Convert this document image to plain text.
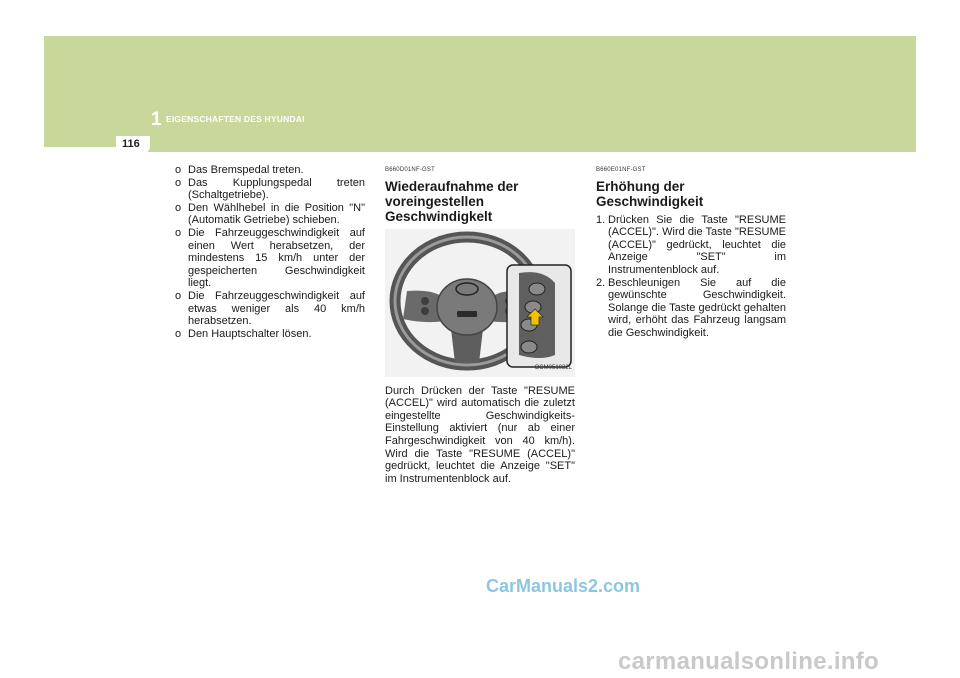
116
1 EIGENSCHAFTEN DES HYUNDAI
o Das Bremspedal treten.
o Das Kupplungspedal treten (Schaltgetriebe).
o Den Wählhebel in die Position "N" (Automatik Getriebe) schieben.
o Die Fahrzeuggeschwindigkeit auf einen Wert herabsetzen, der mindestens 15 km/h unter der gespeicherten Geschwindigkeit liegt.
o Die Fahrzeuggeschwindigkeit auf etwas weniger als 40 km/h herabsetzen.
o Den Hauptschalter lösen.
B660D01NF-GST
Wiederaufnahme der voreingestellen Geschwindigkelt
OCM051032L
Durch Drücken der Taste "RESUME (ACCEL)" wird automatisch die zuletzt eingestellte Geschwindigkeits-Einstellung aktiviert (nur ab einer Fahrgeschwindigkeit von 40 km/h). Wird die Taste "RESUME (ACCEL)" gedrückt, leuchtet die Anzeige "SET" im Instrumentenblock auf.
B660E01NF-GST
Erhöhung der Geschwindigkeit
1. Drücken Sie die Taste "RESUME (ACCEL)". Wird die Taste "RESUME (ACCEL)" gedrückt, leuchtet die Anzeige "SET" im Instrumentenblock auf.
2. Beschleunigen Sie auf die gewünschte Geschwindigkeit. Solange die Taste gedrückt gehalten wird, erhöht das Fahrzeug langsam die Geschwindigkeit.
CarManuals2.com
carmanualsonline.info
